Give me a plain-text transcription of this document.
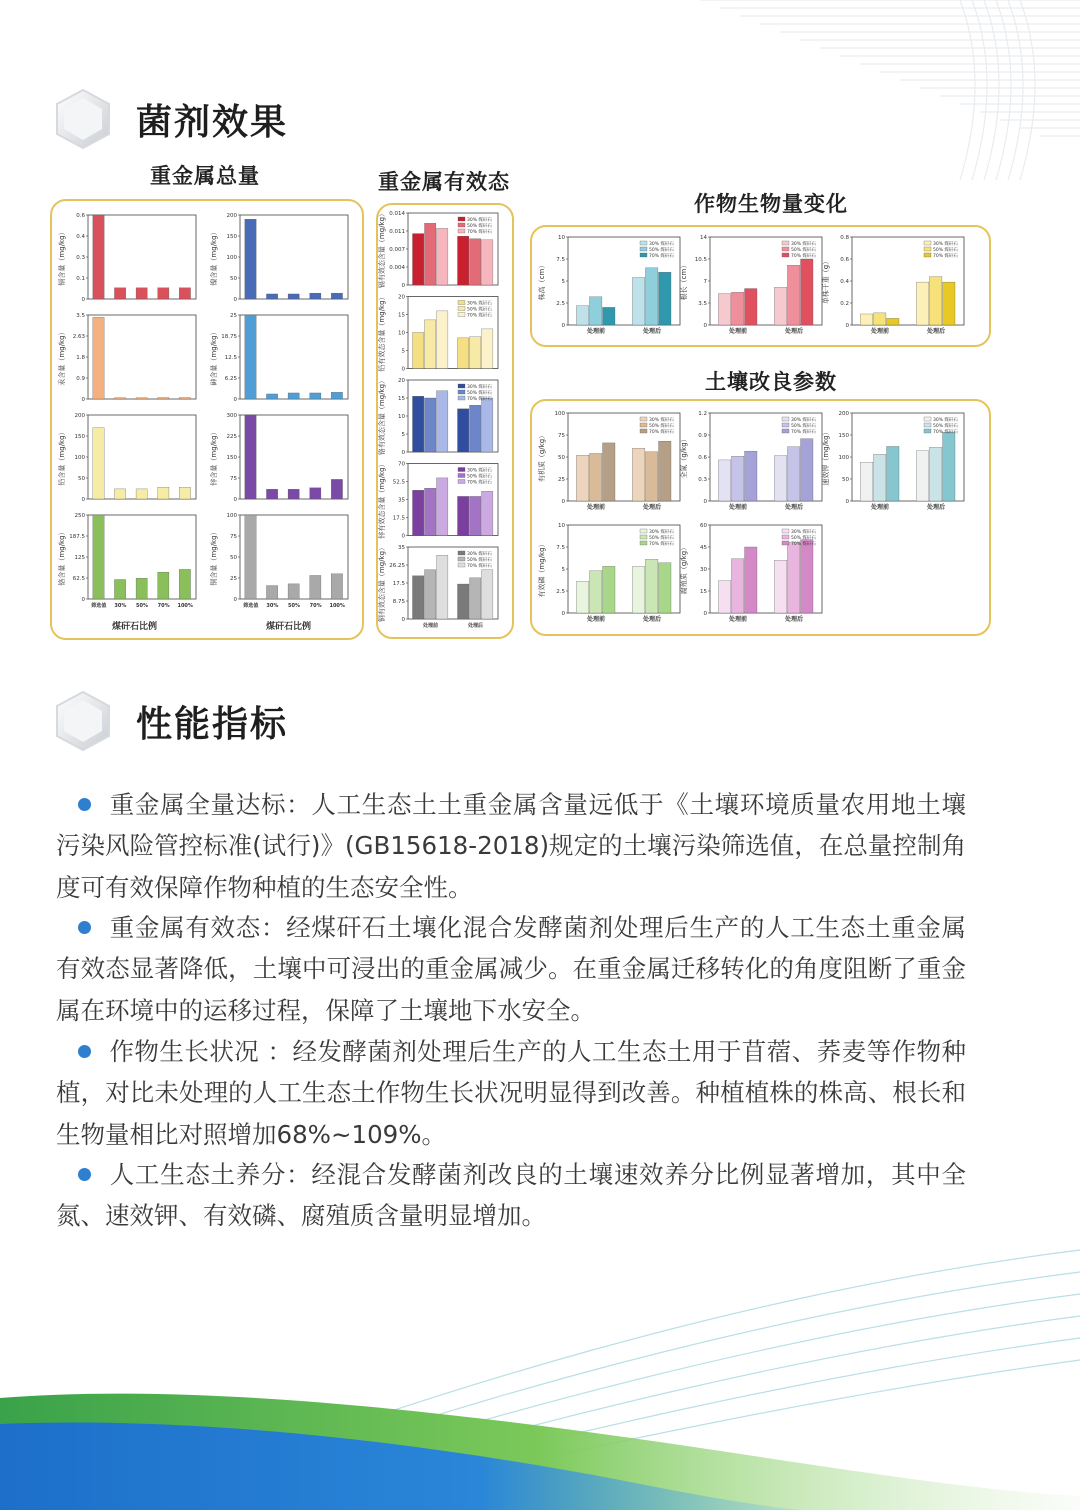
菌剂效果
重金属总量	重金属有效态
作物生物量变化
土壤改良参数
镉含量（mg/kg）
0
0.1
0.3
0.4
0.6
镍含量（mg/kg）
0
50
100
150
200
汞含量（mg/kg）
0
0.9
1.8
2.63
3.5
砷含量（mg/kg）
0
6.25
12.5
18.75
25
铅含量（mg/kg）
0
50
100
150
200
锌含量（mg/kg）
0
75
150
225
300
铬含量（mg/kg）
0
62.5
125
187.5
250
筛选值 30% 50% 70% 100%
铜含量（mg/kg）
0
25
50
75
100
筛选值 30% 50% 70% 100%
煤矸石比例	煤矸石比例
镉有效态含量（mg/kg）	0
0.004
0.007
0.011
0.014
30% 煤矸石
50% 煤矸石
70% 煤矸石
铅有效态含量（mg/kg）	0
5
10
15
20
30% 煤矸石
50% 煤矸石
70% 煤矸石
铬有效态含量（mg/kg）	0
5
10
15
20
30% 煤矸石
50% 煤矸石
70% 煤矸石
锌有效态含量（mg/kg）	0
17.5
35
52.5
70
30% 煤矸石
50% 煤矸石
70% 煤矸石
铜有效态含量（mg/kg）	0
8.75
17.5
26.25
35
处理前	处理后
30% 煤矸石
50% 煤矸石
70% 煤矸石
株高（cm）
0
2.5
5
7.5
10
处理前	处理后
30% 煤矸石
50% 煤矸石
70% 煤矸石
根长（cm）
0
3.5
7
10.5
14
处理前	处理后
30% 煤矸石
50% 煤矸石
70% 煤矸石
单株干重（g）
0
0.2
0.4
0.6
0.8
处理前	处理后
30% 煤矸石
50% 煤矸石
70% 煤矸石
有机质（g/kg）
0
25
50
75
100
处理前	处理后
30% 煤矸石
50% 煤矸石
70% 煤矸石
全氮（g/kg）
0
0.3
0.6
0.9
1.2
处理前	处理后
30% 煤矸石
50% 煤矸石
70% 煤矸石 速效钾（mg/kg）
0
50
100
150
200
处理前	处理后
30% 煤矸石
50% 煤矸石
70% 煤矸石
有效磷（mg/kg）
0
2.5
5
7.5
10
处理前	处理后
30% 煤矸石
50% 煤矸石
70% 煤矸石 腐殖质（g/kg）
0
15
30
45
60
处理前	处理后
30% 煤矸石
50% 煤矸石
70% 煤矸石
性能指标
重金属全量达标：人工生态土土重金属含量远低于《土壤环境质量农用地土壤污染风险管控标准(试行)》(GB15618-2018)规定的土壤污染筛选值，在总量控制角度可有效保障作物种植的生态安全性。
重金属有效态：经煤矸石土壤化混合发酵菌剂处理后生产的人工生态土重金属有效态显著降低，土壤中可浸出的重金属减少。在重金属迁移转化的角度阻断了重金属在环境中的运移过程，保障了土壤地下水安全。
作物生长状况 ：经发酵菌剂处理后生产的人工生态土用于苜蓿、荞麦等作物种植，对比未处理的人工生态土作物生长状况明显得到改善。种植植株的株高、根长和生物量相比对照增加68%~109%。
人工生态土养分：经混合发酵菌剂改良的土壤速效养分比例显著增加，其中全氮、速效钾、有效磷、腐殖质含量明显增加。
